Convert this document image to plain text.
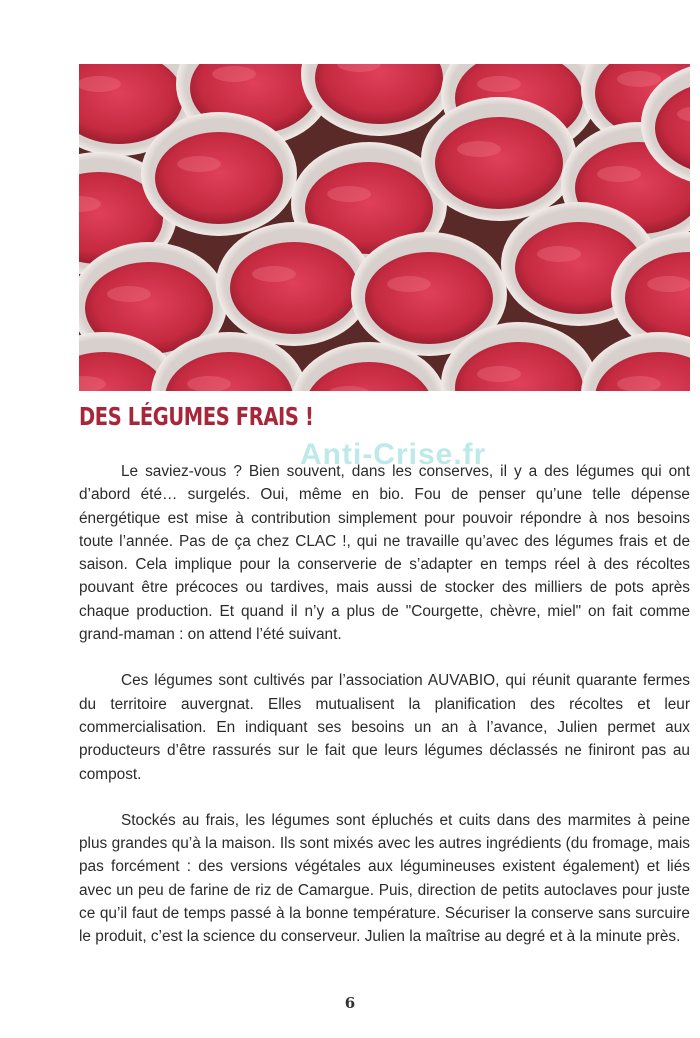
DES LÉGUMES FRAIS !
Anti-Crise.fr

Le saviez-vous ? Bien souvent, dans les conserves, il y a des légumes qui ont d’abord été… surgelés. Oui, même en bio. Fou de penser qu’une telle dépense énergétique est mise à contribution simplement pour pouvoir répondre à nos besoins toute l’année. Pas de ça chez CLAC !, qui ne travaille qu’avec des légumes frais et de saison. Cela implique pour la conserverie de s’adapter en temps réel à des récoltes pouvant être précoces ou tardives, mais aussi de stocker des milliers de pots après chaque production. Et quand il n’y a plus de "Courgette, chèvre, miel" on fait comme grand-maman : on attend l’été suivant.

Ces légumes sont cultivés par l’association AUVABIO, qui réunit quarante fermes du territoire auvergnat. Elles mutualisent la planification des récoltes et leur commercialisation. En indiquant ses besoins un an à l’avance, Julien permet aux producteurs d’être rassurés sur le fait que leurs légumes déclassés ne finiront pas au compost.

Stockés au frais, les légumes sont épluchés et cuits dans des marmites à peine plus grandes qu’à la maison. Ils sont mixés avec les autres ingrédients (du fromage, mais pas forcément : des versions végétales aux légumineuses existent également) et liés avec un peu de farine de riz de Camargue. Puis, direction de petits autoclaves pour juste ce qu’il faut de temps passé à la bonne température. Sécuriser la conserve sans surcuire le produit, c’est la science du conserveur. Julien la maîtrise au degré et à la minute près.

6
